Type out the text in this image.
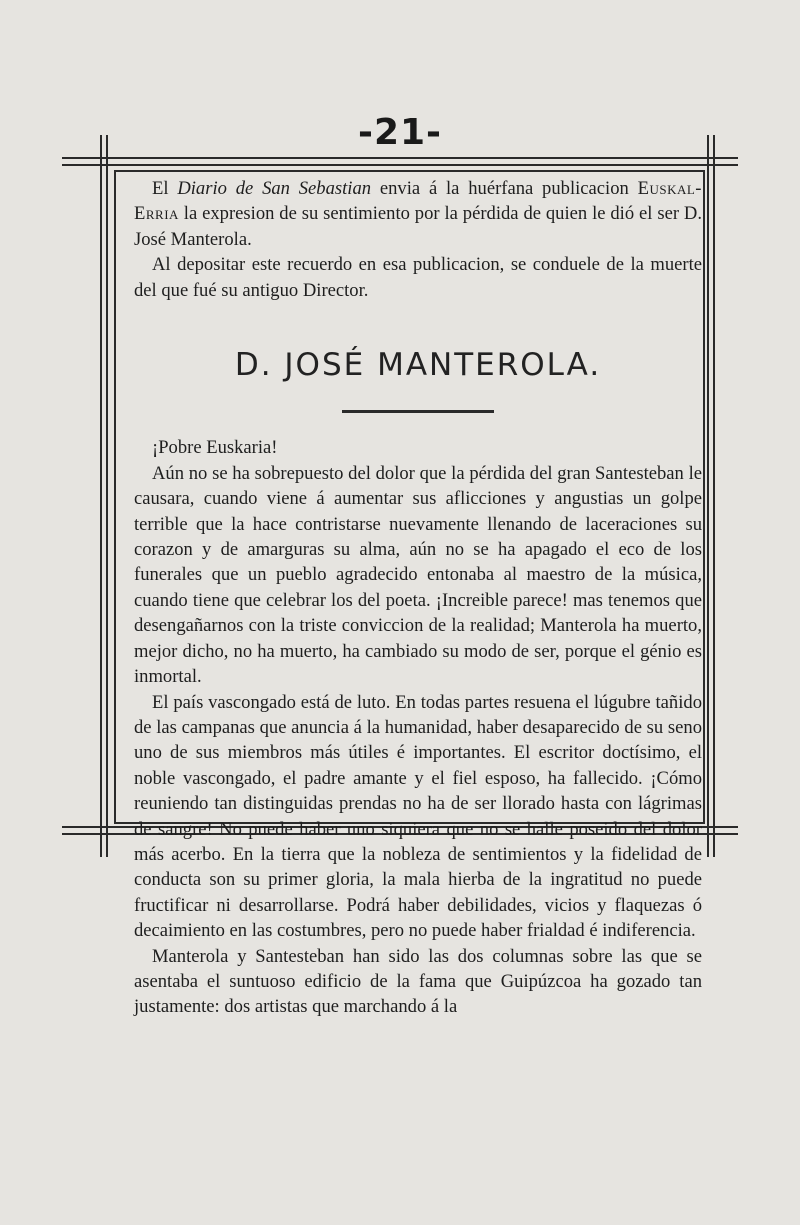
-21-

El Diario de San Sebastian envia á la huérfana publicacion Euskal-Erria la expresion de su sentimiento por la pérdida de quien le dió el ser D. José Manterola.

Al depositar este recuerdo en esa publicacion, se conduele de la muerte del que fué su antiguo Director.

D. JOSÉ MANTEROLA.

¡Pobre Euskaria!

Aún no se ha sobrepuesto del dolor que la pérdida del gran Santesteban le causara, cuando viene á aumentar sus aflicciones y angustias un golpe terrible que la hace contristarse nuevamente llenando de laceraciones su corazon y de amarguras su alma, aún no se ha apagado el eco de los funerales que un pueblo agradecido entonaba al maestro de la música, cuando tiene que celebrar los del poeta. ¡Increible parece! mas tenemos que desengañarnos con la triste conviccion de la realidad; Manterola ha muerto, mejor dicho, no ha muerto, ha cambiado su modo de ser, porque el génio es inmortal.

El país vascongado está de luto. En todas partes resuena el lúgubre tañido de las campanas que anuncia á la humanidad, haber desaparecido de su seno uno de sus miembros más útiles é importantes. El escritor doctísimo, el noble vascongado, el padre amante y el fiel esposo, ha fallecido. ¡Cómo reuniendo tan distinguidas prendas no ha de ser llorado hasta con lágrimas de sangre! No puede haber uno siquiera que no se halle poseido del dolor más acerbo. En la tierra que la nobleza de sentimientos y la fidelidad de conducta son su primer gloria, la mala hierba de la ingratitud no puede fructificar ni desarrollarse. Podrá haber debilidades, vicios y flaquezas ó decaimiento en las costumbres, pero no puede haber frialdad é indiferencia.

Manterola y Santesteban han sido las dos columnas sobre las que se asentaba el suntuoso edificio de la fama que Guipúzcoa ha gozado tan justamente: dos artistas que marchando á la
